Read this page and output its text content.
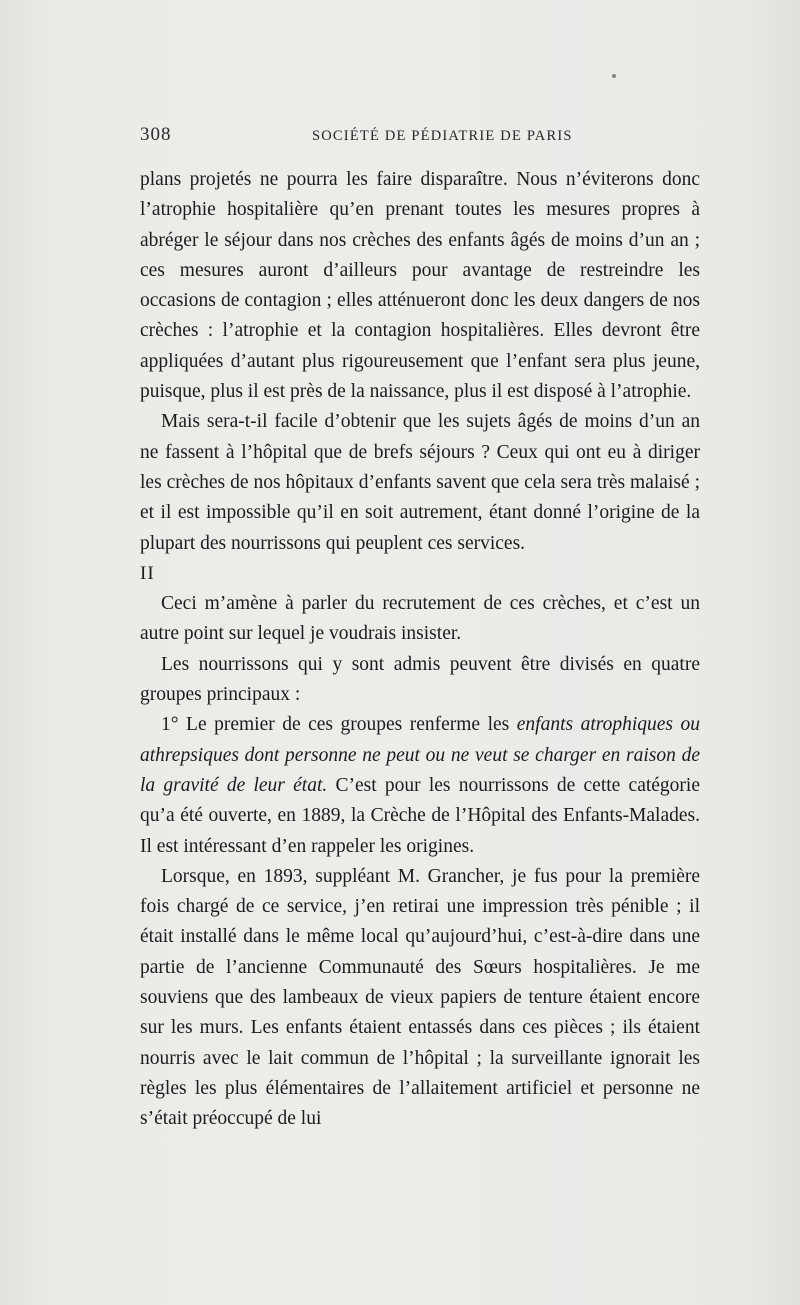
308	SOCIÉTÉ DE PÉDIATRIE DE PARIS

plans projetés ne pourra les faire disparaître. Nous n’éviterons donc l’atrophie hospitalière qu’en prenant toutes les mesures propres à abréger le séjour dans nos crèches des enfants âgés de moins d’un an ; ces mesures auront d’ailleurs pour avantage de restreindre les occasions de contagion ; elles atténueront donc les deux dangers de nos crèches : l’atrophie et la contagion hospitalières. Elles devront être appliquées d’autant plus rigoureusement que l’enfant sera plus jeune, puisque, plus il est près de la naissance, plus il est disposé à l’atrophie.

Mais sera-t-il facile d’obtenir que les sujets âgés de moins d’un an ne fassent à l’hôpital que de brefs séjours ? Ceux qui ont eu à diriger les crèches de nos hôpitaux d’enfants savent que cela sera très malaisé ; et il est impossible qu’il en soit autrement, étant donné l’origine de la plupart des nourrissons qui peuplent ces services.

II

Ceci m’amène à parler du recrutement de ces crèches, et c’est un autre point sur lequel je voudrais insister.

Les nourrissons qui y sont admis peuvent être divisés en quatre groupes principaux :

1° Le premier de ces groupes renferme les enfants atrophiques ou athrepsiques dont personne ne peut ou ne veut se charger en raison de la gravité de leur état. C’est pour les nourrissons de cette catégorie qu’a été ouverte, en 1889, la Crèche de l’Hôpital des Enfants-Malades. Il est intéressant d’en rappeler les origines.

Lorsque, en 1893, suppléant M. Grancher, je fus pour la première fois chargé de ce service, j’en retirai une impression très pénible ; il était installé dans le même local qu’aujourd’hui, c’est-à-dire dans une partie de l’ancienne Communauté des Sœurs hospitalières. Je me souviens que des lambeaux de vieux papiers de tenture étaient encore sur les murs. Les enfants étaient entassés dans ces pièces ; ils étaient nourris avec le lait commun de l’hôpital ; la surveillante ignorait les règles les plus élémentaires de l’allaitement artificiel et personne ne s’était préoccupé de lui
